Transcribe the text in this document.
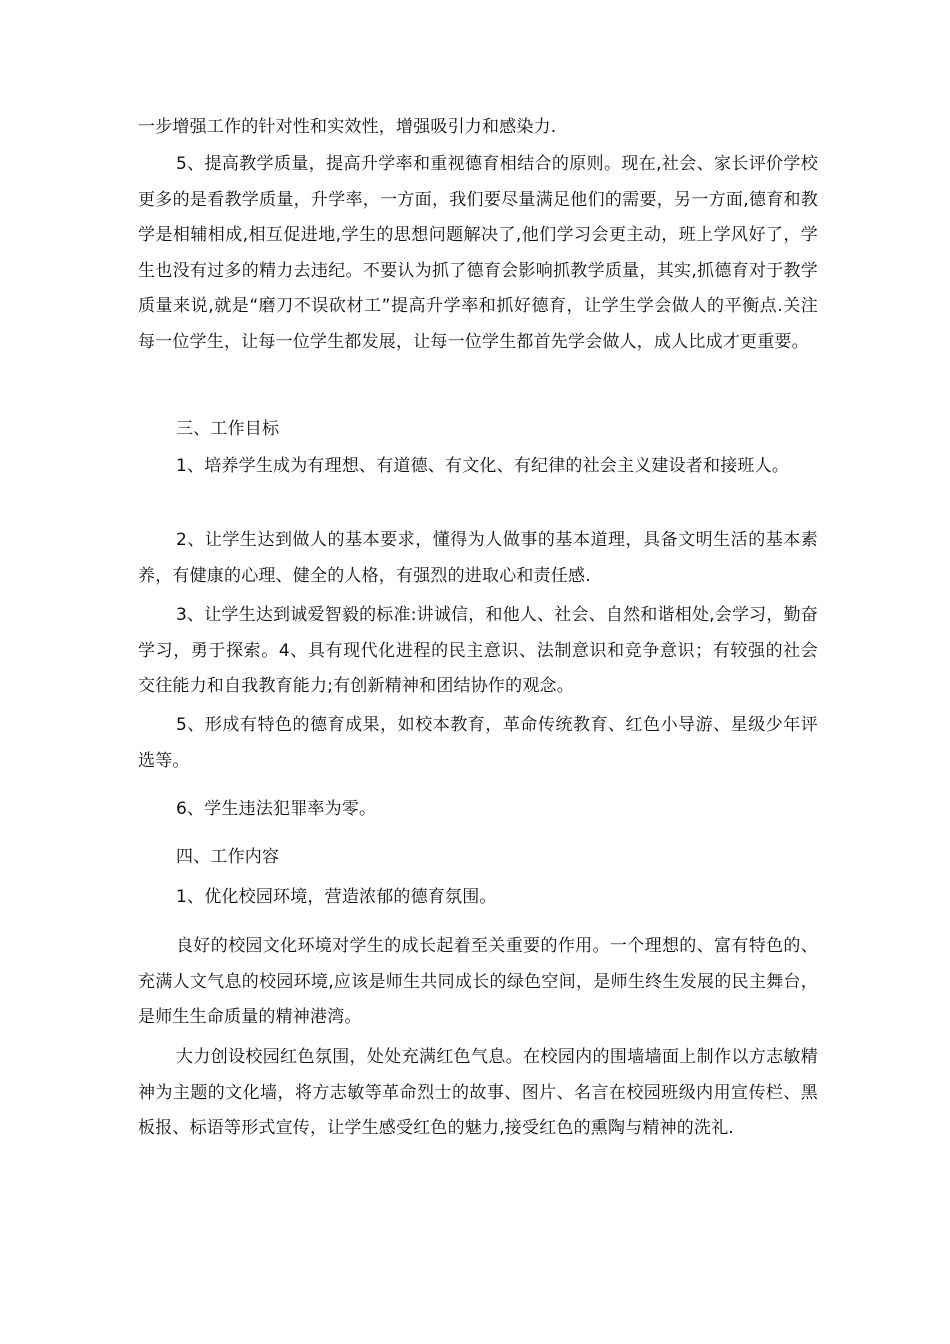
一步增强工作的针对性和实效性，增强吸引力和感染力.

5、提高教学质量，提高升学率和重视德育相结合的原则。现在,社会、家长评价学校更多的是看教学质量，升学率，一方面，我们要尽量满足他们的需要，另一方面,德育和教学是相辅相成,相互促进地,学生的思想问题解决了,他们学习会更主动，班上学风好了，学生也没有过多的精力去违纪。不要认为抓了德育会影响抓教学质量，其实,抓德育对于教学质量来说,就是“磨刀不误砍材工”提高升学率和抓好德育，让学生学会做人的平衡点.关注每一位学生，让每一位学生都发展，让每一位学生都首先学会做人，成人比成才更重要。

三、工作目标

1、培养学生成为有理想、有道德、有文化、有纪律的社会主义建设者和接班人。

2、让学生达到做人的基本要求，懂得为人做事的基本道理，具备文明生活的基本素养，有健康的心理、健全的人格，有强烈的进取心和责任感.

3、让学生达到诚爱智毅的标准:讲诚信，和他人、社会、自然和谐相处,会学习，勤奋学习，勇于探索。4、具有现代化进程的民主意识、法制意识和竞争意识；有较强的社会交往能力和自我教育能力;有创新精神和团结协作的观念。

5、形成有特色的德育成果，如校本教育，革命传统教育、红色小导游、星级少年评选等。

6、学生违法犯罪率为零。

四、工作内容

1、优化校园环境，营造浓郁的德育氛围。

良好的校园文化环境对学生的成长起着至关重要的作用。一个理想的、富有特色的、充满人文气息的校园环境,应该是师生共同成长的绿色空间，是师生终生发展的民主舞台，是师生生命质量的精神港湾。

大力创设校园红色氛围，处处充满红色气息。在校园内的围墙墙面上制作以方志敏精神为主题的文化墙，将方志敏等革命烈士的故事、图片、名言在校园班级内用宣传栏、黑板报、标语等形式宣传，让学生感受红色的魅力,接受红色的熏陶与精神的洗礼.
